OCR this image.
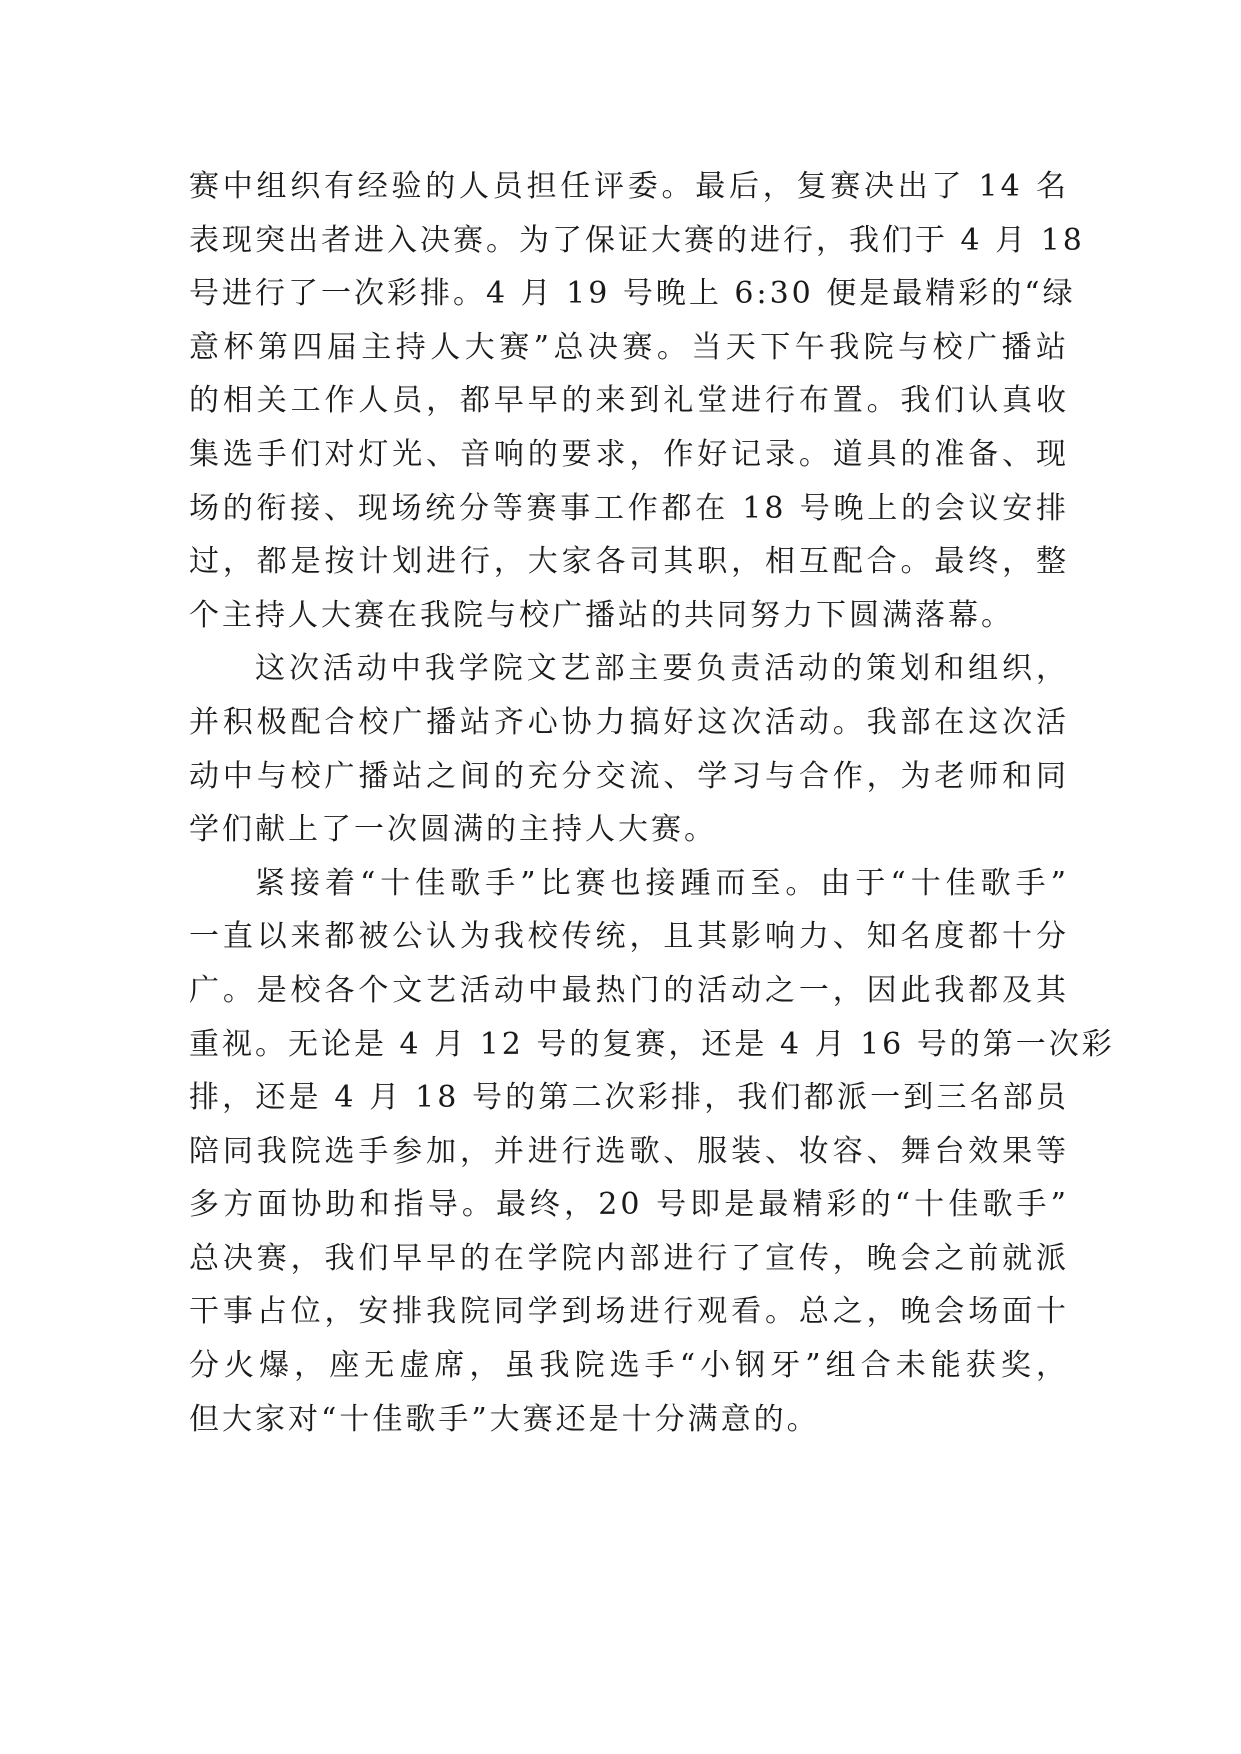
赛中组织有经验的人员担任评委。最后，复赛决出了 14 名
表现突出者进入决赛。为了保证大赛的进行，我们于 4 月 18
号进行了一次彩排。4 月 19 号晚上 6:30 便是最精彩的“绿
意杯第四届主持人大赛”总决赛。当天下午我院与校广播站
的相关工作人员，都早早的来到礼堂进行布置。我们认真收
集选手们对灯光、音响的要求，作好记录。道具的准备、现
场的衔接、现场统分等赛事工作都在 18 号晚上的会议安排
过，都是按计划进行，大家各司其职，相互配合。最终，整
个主持人大赛在我院与校广播站的共同努力下圆满落幕。
这次活动中我学院文艺部主要负责活动的策划和组织，
并积极配合校广播站齐心协力搞好这次活动。我部在这次活
动中与校广播站之间的充分交流、学习与合作，为老师和同
学们献上了一次圆满的主持人大赛。
紧接着“十佳歌手”比赛也接踵而至。由于“十佳歌手”
一直以来都被公认为我校传统，且其影响力、知名度都十分
广。是校各个文艺活动中最热门的活动之一，因此我都及其
重视。无论是 4 月 12 号的复赛，还是 4 月 16 号的第一次彩
排，还是 4 月 18 号的第二次彩排，我们都派一到三名部员
陪同我院选手参加，并进行选歌、服装、妆容、舞台效果等
多方面协助和指导。最终，20 号即是最精彩的“十佳歌手”
总决赛，我们早早的在学院内部进行了宣传，晚会之前就派
干事占位，安排我院同学到场进行观看。总之，晚会场面十
分火爆，座无虚席，虽我院选手“小钢牙”组合未能获奖，
但大家对“十佳歌手”大赛还是十分满意的。
